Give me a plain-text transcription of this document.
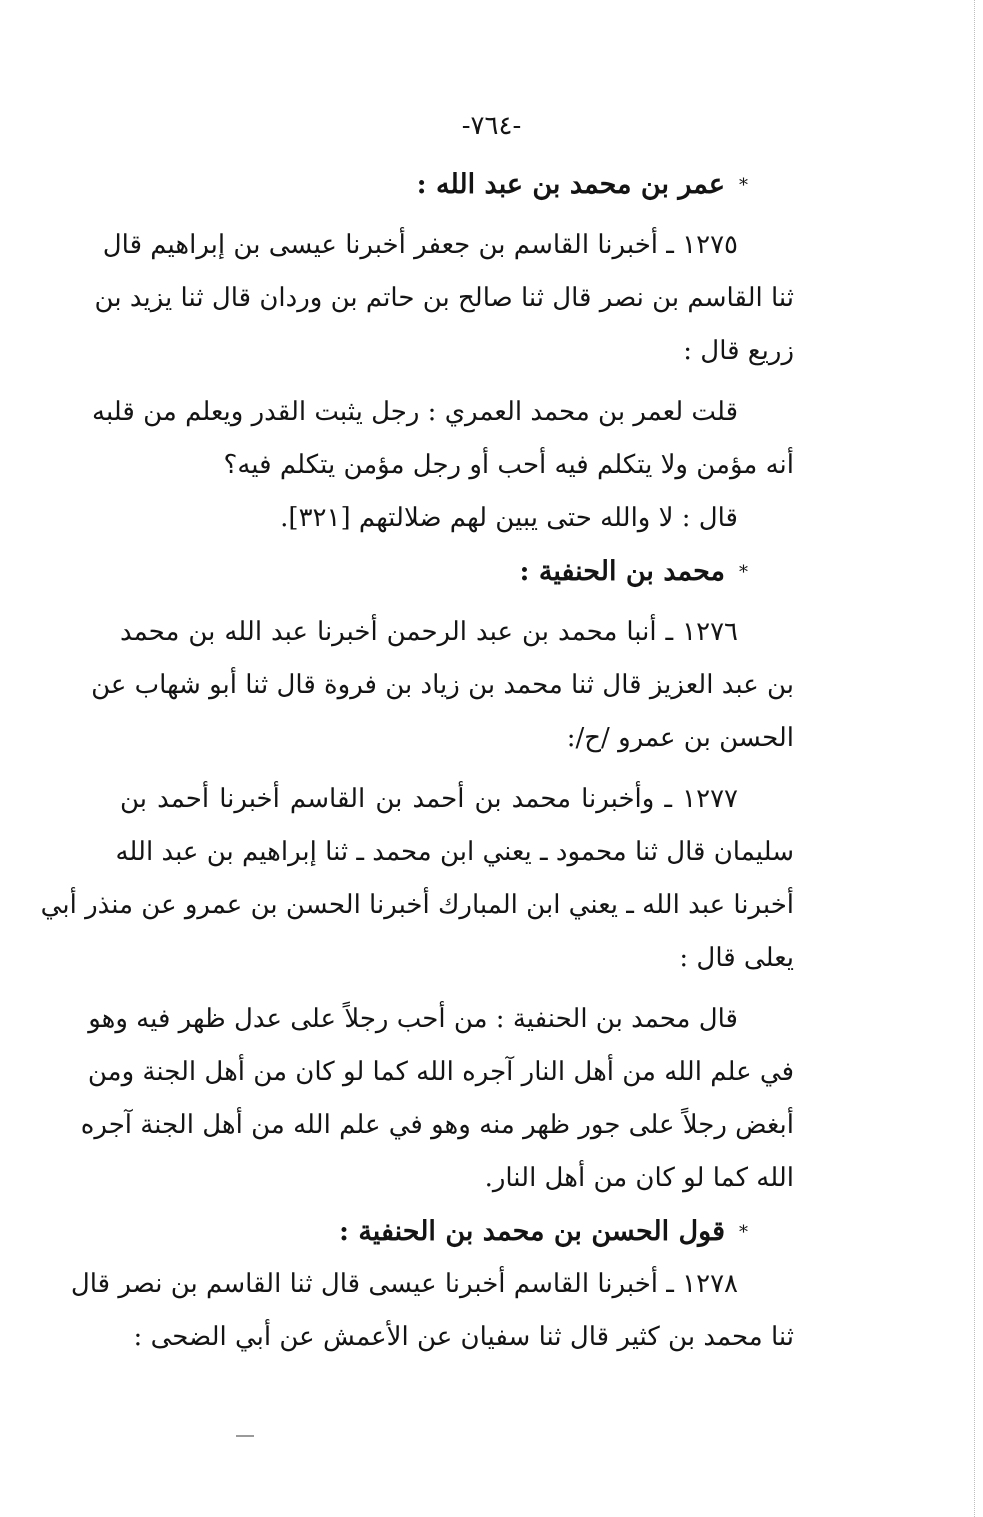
-٧٦٤-
*عمر بن محمد بن عبد الله :
١٢٧٥ ـ أخبرنا القاسم بن جعفر أخبرنا عيسى بن إبراهيم قال
ثنا القاسم بن نصر قال ثنا صالح بن حاتم بن وردان قال ثنا يزيد بن
زريع قال :
قلت لعمر بن محمد العمري : رجل يثبت القدر ويعلم من قلبه
أنه مؤمن ولا يتكلم فيه أحب أو رجل مؤمن يتكلم فيه؟
قال : لا والله حتى يبين لهم ضلالتهم [٣٢١].
*محمد بن الحنفية :
١٢٧٦ ـ أنبا محمد بن عبد الرحمن أخبرنا عبد الله بن محمد
بن عبد العزيز قال ثنا محمد بن زياد بن فروة قال ثنا أبو شهاب عن
الحسن بن عمرو /ح/:
١٢٧٧ ـ وأخبرنا محمد بن أحمد بن القاسم أخبرنا أحمد بن
سليمان قال ثنا محمود ـ يعني ابن محمد ـ ثنا إبراهيم بن عبد الله
أخبرنا عبد الله ـ يعني ابن المبارك أخبرنا الحسن بن عمرو عن منذر أبي
يعلى قال :
قال محمد بن الحنفية : من أحب رجلاً على عدل ظهر فيه وهو
في علم الله من أهل النار آجره الله كما لو كان من أهل الجنة ومن
أبغض رجلاً على جور ظهر منه وهو في علم الله من أهل الجنة آجره
الله كما لو كان من أهل النار.
*قول الحسن بن محمد بن الحنفية :
١٢٧٨ ـ أخبرنا القاسم أخبرنا عيسى قال ثنا القاسم بن نصر قال
ثنا محمد بن كثير قال ثنا سفيان عن الأعمش عن أبي الضحى :
